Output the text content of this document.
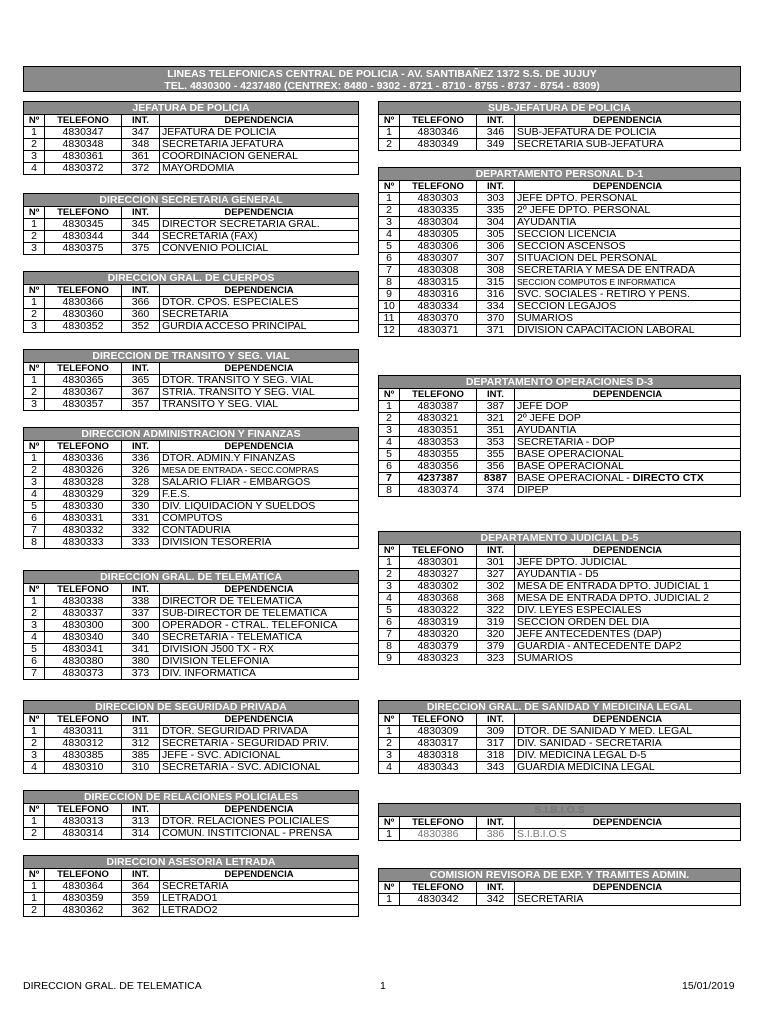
LINEAS TELEFONICAS CENTRAL DE POLICIA - AV. SANTIBAÑEZ 1372 S.S. DE JUJUY
TEL. 4830300 - 4237480 (CENTREX: 8480 - 9302 - 8721 - 8710 - 8755 - 8737 - 8754 - 8309)
JEFATURA DE POLICIA			
Nº	TELEFONO	INT.	DEPENDENCIA
1	4830347	347	JEFATURA DE POLICIA
2	4830348	348	SECRETARIA JEFATURA
3	4830361	361	COORDINACION GENERAL
4	4830372	372	MAYORDOMIA
DIRECCION SECRETARIA GENERAL			
Nº	TELEFONO	INT.	DEPENDENCIA
1	4830345	345	DIRECTOR SECRETARIA GRAL.
2	4830344	344	SECRETARIA (FAX)
3	4830375	375	CONVENIO POLICIAL
DIRECCION GRAL. DE CUERPOS			
Nº	TELEFONO	INT.	DEPENDENCIA
1	4830366	366	DTOR. CPOS. ESPECIALES
2	4830360	360	SECRETARIA
3	4830352	352	GURDIA ACCESO PRINCIPAL
DIRECCION DE TRANSITO Y SEG. VIAL			
Nº	TELEFONO	INT.	DEPENDENCIA
1	4830365	365	DTOR. TRANSITO Y SEG. VIAL
2	4830367	367	STRIA. TRANSITO Y SEG. VIAL
3	4830357	357	TRANSITO Y SEG. VIAL
DIRECCION ADMINISTRACION Y FINANZAS			
Nº	TELEFONO	INT.	DEPENDENCIA
1	4830336	336	DTOR. ADMIN.Y FINANZAS
2	4830326	326	MESA DE ENTRADA - SECC.COMPRAS
3	4830328	328	SALARIO FLIAR - EMBARGOS
4	4830329	329	F.E.S.
5	4830330	330	DIV. LIQUIDACION Y SUELDOS
6	4830331	331	COMPUTOS
7	4830332	332	CONTADURIA
8	4830333	333	DIVISION TESORERIA
DIRECCION GRAL. DE TELEMATICA			
Nº	TELEFONO	INT.	DEPENDENCIA
1	4830338	338	DIRECTOR DE TELEMATICA
2	4830337	337	SUB-DIRECTOR DE TELEMATICA
3	4830300	300	OPERADOR - CTRAL. TELEFONICA
4	4830340	340	SECRETARIA - TELEMATICA
5	4830341	341	DIVISION J500 TX - RX
6	4830380	380	DIVISION TELEFONIA
7	4830373	373	DIV. INFORMATICA
DIRECCION DE SEGURIDAD PRIVADA			
Nº	TELEFONO	INT.	DEPENDENCIA
1	4830311	311	DTOR. SEGURIDAD PRIVADA
2	4830312	312	SECRETARIA - SEGURIDAD PRIV.
3	4830385	385	JEFE - SVC. ADICIONAL
4	4830310	310	SECRETARIA - SVC. ADICIONAL
DIRECCION DE RELACIONES POLICIALES			
Nº	TELEFONO	INT.	DEPENDENCIA
1	4830313	313	DTOR. RELACIONES POLICIALES
2	4830314	314	COMUN. INSTITCIONAL - PRENSA
DIRECCION ASESORIA LETRADA			
Nº	TELEFONO	INT.	DEPENDENCIA
1	4830364	364	SECRETARIA
1	4830359	359	LETRADO1
2	4830362	362	LETRADO2
SUB-JEFATURA DE POLICIA			
Nº	TELEFONO	INT.	DEPENDENCIA
1	4830346	346	SUB-JEFATURA DE POLICIA
2	4830349	349	SECRETARIA SUB-JEFATURA
DEPARTAMENTO PERSONAL D-1			
Nº	TELEFONO	INT.	DEPENDENCIA
1	4830303	303	JEFE DPTO. PERSONAL
2	4830335	335	2º JEFE DPTO. PERSONAL
3	4830304	304	AYUDANTIA
4	4830305	305	SECCION LICENCIA
5	4830306	306	SECCION ASCENSOS
6	4830307	307	SITUACION DEL PERSONAL
7	4830308	308	SECRETARIA Y MESA DE ENTRADA
8	4830315	315	SECCION COMPUTOS E INFORMATICA
9	4830316	316	SVC. SOCIALES - RETIRO Y PENS.
10	4830334	334	SECCION LEGAJOS
11	4830370	370	SUMARIOS
12	4830371	371	DIVISION CAPACITACION LABORAL
DEPARTAMENTO OPERACIONES D-3			
Nº	TELEFONO	INT.	DEPENDENCIA
1	4830387	387	JEFE DOP
2	4830321	321	2º JEFE DOP
3	4830351	351	AYUDANTIA
4	4830353	353	SECRETARIA - DOP
5	4830355	355	BASE OPERACIONAL
6	4830356	356	BASE OPERACIONAL
7	4237387	8387	BASE OPERACIONAL - DIRECTO CTX
8	4830374	374	DIPEP
DEPARTAMENTO JUDICIAL D-5			
Nº	TELEFONO	INT.	DEPENDENCIA
1	4830301	301	JEFE DPTO. JUDICIAL
2	4830327	327	AYUDANTIA - D5
3	4830302	302	MESA DE ENTRADA DPTO. JUDICIAL 1
4	4830368	368	MESA DE ENTRADA DPTO. JUDICIAL 2
5	4830322	322	DIV. LEYES ESPECIALES
6	4830319	319	SECCION ORDEN DEL DIA
7	4830320	320	JEFE ANTECEDENTES (DAP)
8	4830379	379	GUARDIA - ANTECEDENTE DAP2
9	4830323	323	SUMARIOS
DIRECCION GRAL. DE SANIDAD Y MEDICINA LEGAL			
Nº	TELEFONO	INT.	DEPENDENCIA
1	4830309	309	DTOR. DE SANIDAD Y MED. LEGAL
2	4830317	317	DIV. SANIDAD - SECRETARIA
3	4830318	318	DIV. MEDICINA LEGAL D-5
4	4830343	343	GUARDIA MEDICINA LEGAL
S.I.B.I.O.S			
Nº	TELEFONO	INT.	DEPENDENCIA
1	4830386	386	S.I.B.I.O.S
COMISION REVISORA DE EXP. Y TRAMITES ADMIN.			
Nº	TELEFONO	INT.	DEPENDENCIA
1	4830342	342	SECRETARIA
DIRECCION GRAL. DE TELEMATICA	1	15/01/2019
